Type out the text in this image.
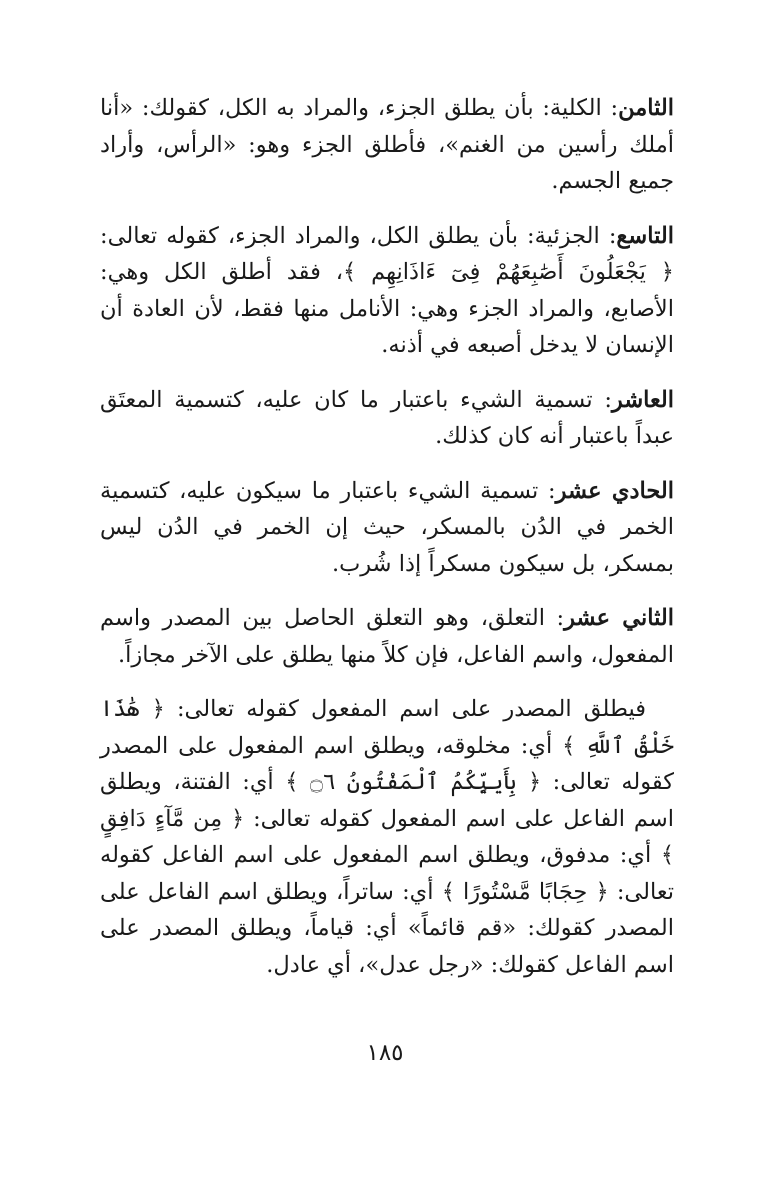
الثامن: الكلية: بأن يطلق الجزء، والمراد به الكل، كقولك: «أنا أملك رأسين من الغنم»، فأطلق الجزء وهو: «الرأس، وأراد جميع الجسم.

التاسع: الجزئية: بأن يطلق الكل، والمراد الجزء، كقوله تعالى: ﴿ يَجْعَلُونَ أَصَٰبِعَهُمْ فِىٓ ءَاذَانِهِم ﴾، فقد أطلق الكل وهي: الأصابع، والمراد الجزء وهي: الأنامل منها فقط، لأن العادة أن الإنسان لا يدخل أصبعه في أذنه.

العاشر: تسمية الشيء باعتبار ما كان عليه، كتسمية المعتَق عبداً باعتبار أنه كان كذلك.

الحادي عشر: تسمية الشيء باعتبار ما سيكون عليه، كتسمية الخمر في الدُن بالمسكر، حيث إن الخمر في الدُن ليس بمسكر، بل سيكون مسكراً إذا شُرب.

الثاني عشر: التعلق، وهو التعلق الحاصل بين المصدر واسم المفعول، واسم الفاعل، فإن كلاً منها يطلق على الآخر مجازاً.

فيطلق المصدر على اسم المفعول كقوله تعالى: ﴿ هَٰذَا خَلْقُ ٱللَّهِ ﴾ أي: مخلوقه، ويطلق اسم المفعول على المصدر كقوله تعالى: ﴿ بِأَييِّكُمُ ٱلْمَفْتُونُ ۝٦ ﴾ أي: الفتنة، ويطلق اسم الفاعل على اسم المفعول كقوله تعالى: ﴿ مِن مَّآءٍ دَافِقٍ ﴾ أي: مدفوق، ويطلق اسم المفعول على اسم الفاعل كقوله تعالى: ﴿ حِجَابًا مَّسْتُورًا ﴾ أي: ساتراً، ويطلق اسم الفاعل على المصدر كقولك: «قم قائماً» أي: قياماً، ويطلق المصدر على اسم الفاعل كقولك: «رجل عدل»، أي عادل.

١٨٥
